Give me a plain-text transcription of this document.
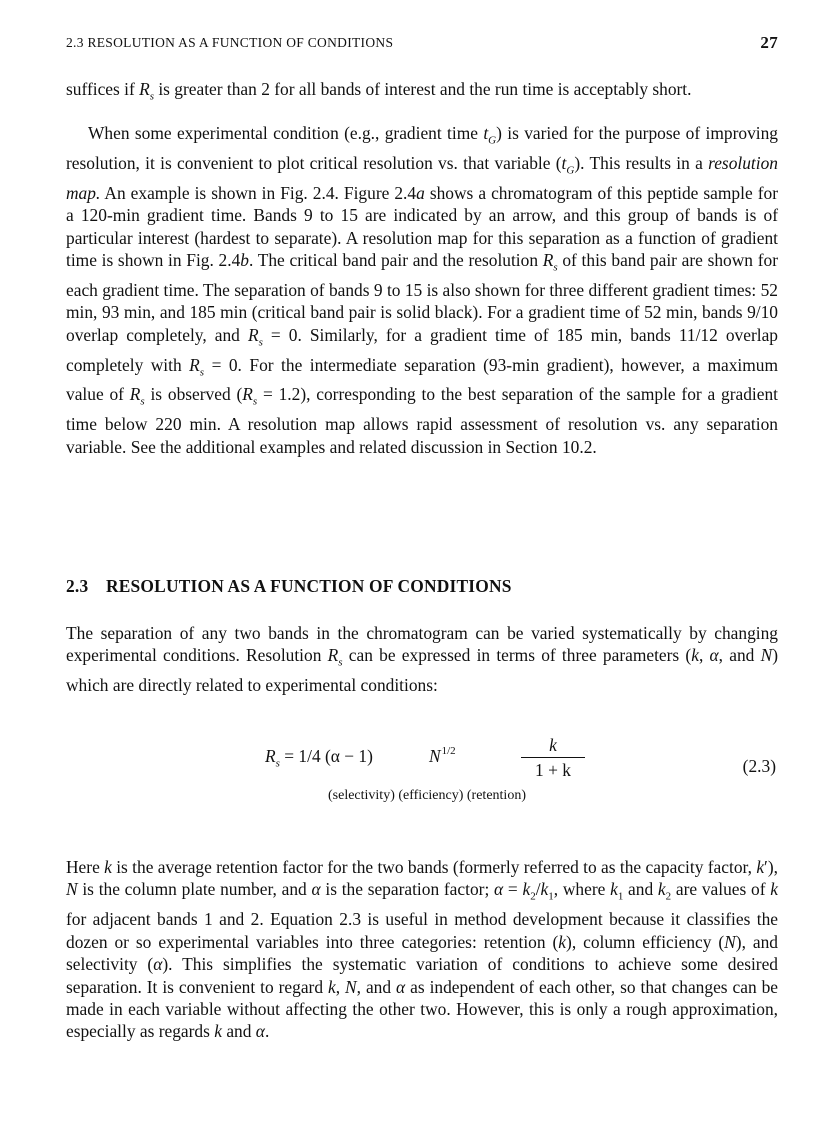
2.3 RESOLUTION AS A FUNCTION OF CONDITIONS	27

suffices if $R_s$ is greater than 2 for all bands of interest and the run time is acceptably short.

When some experimental condition (e.g., gradient time $t_G$) is varied for the purpose of improving resolution, it is convenient to plot critical resolution vs. that variable $(t_G)$. This results in a resolution map. An example is shown in Fig. 2.4. Figure 2.4a shows a chromatogram of this peptide sample for a 120-min gradient time. Bands 9 to 15 are indicated by an arrow, and this group of bands is of particular interest (hardest to separate). A resolution map for this separation as a function of gradient time is shown in Fig. 2.4b. The critical band pair and the resolution $R_s$ of this band pair are shown for each gradient time. The separation of bands 9 to 15 is also shown for three different gradient times: 52 min, 93 min, and 185 min (critical band pair is solid black). For a gradient time of 52 min, bands 9/10 overlap completely, and $R_s = 0$. Similarly, for a gradient time of 185 min, bands 11/12 overlap completely with $R_s = 0$. For the intermediate separation (93-min gradient), however, a maximum value of $R_s$ is observed $(R_s = 1.2)$, corresponding to the best separation of the sample for a gradient time below 220 min. A resolution map allows rapid assessment of resolution vs. any separation variable. See the additional examples and related discussion in Section 10.2.

2.3 RESOLUTION AS A FUNCTION OF CONDITIONS

The separation of any two bands in the chromatogram can be varied systematically by changing experimental conditions. Resolution $R_s$ can be expressed in terms of three parameters (k, α, and N) which are directly related to experimental conditions:

$R_s = 1/4$ (α − 1)	$N^{1/2}$	k
1 + k	(2.3)
(selectivity) (efficiency) (retention)

Here k is the average retention factor for the two bands (formerly referred to as the capacity factor, k′), N is the column plate number, and α is the separation factor; $\alpha = k_2/k_1$, where $k_1$ and $k_2$ are values of k for adjacent bands 1 and 2. Equation 2.3 is useful in method development because it classifies the dozen or so experimental variables into three categories: retention (k), column efficiency (N), and selectivity (α). This simplifies the systematic variation of conditions to achieve some desired separation. It is convenient to regard k, N, and α as independent of each other, so that changes can be made in each variable without affecting the other two. However, this is only a rough approximation, especially as regards k and α.
